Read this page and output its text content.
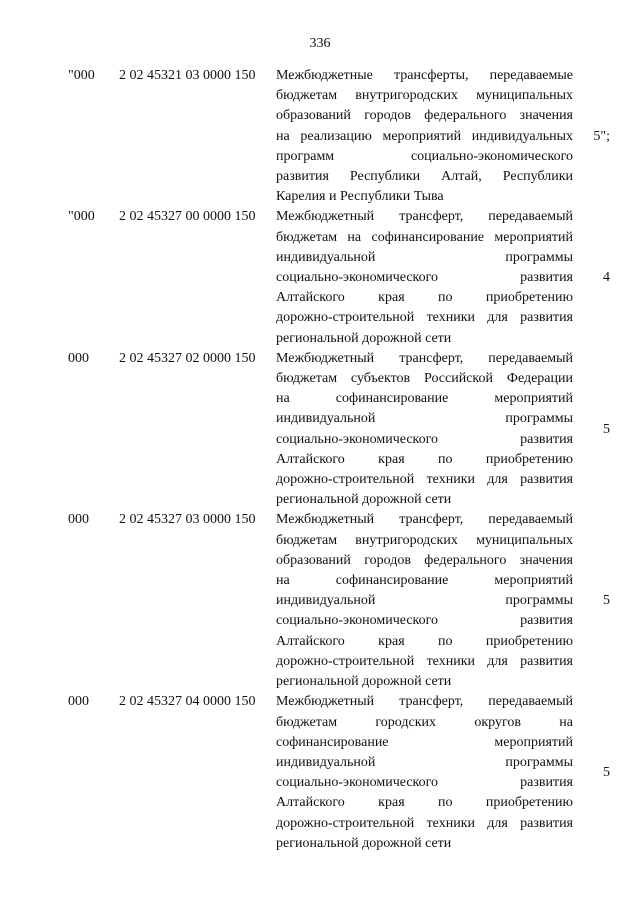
336
"000 2 02 45321 03 0000 150 Межбюджетные трансферты, передаваемые
бюджетам внутригородских муниципальных
образований городов федерального значения
на реализацию мероприятий индивидуальных
программ социально-экономического
развития Республики Алтай, Республики
Карелия и Республики Тыва
5";
"000 2 02 45327 00 0000 150 Межбюджетный трансферт, передаваемый
бюджетам на софинансирование мероприятий
индивидуальной программы
социально-экономического развития
Алтайского края по приобретению
дорожно-строительной техники для развития
региональной дорожной сети
4
000 2 02 45327 02 0000 150 Межбюджетный трансферт, передаваемый
бюджетам субъектов Российской Федерации
на софинансирование мероприятий
индивидуальной программы
социально-экономического развития
Алтайского края по приобретению
дорожно-строительной техники для развития
региональной дорожной сети
5
000 2 02 45327 03 0000 150 Межбюджетный трансферт, передаваемый
бюджетам внутригородских муниципальных
образований городов федерального значения
на софинансирование мероприятий
индивидуальной программы
социально-экономического развития
Алтайского края по приобретению
дорожно-строительной техники для развития
региональной дорожной сети
5
000 2 02 45327 04 0000 150 Межбюджетный трансферт, передаваемый
бюджетам городских округов на
софинансирование мероприятий
индивидуальной программы
социально-экономического развития
Алтайского края по приобретению
дорожно-строительной техники для развития
региональной дорожной сети
5
